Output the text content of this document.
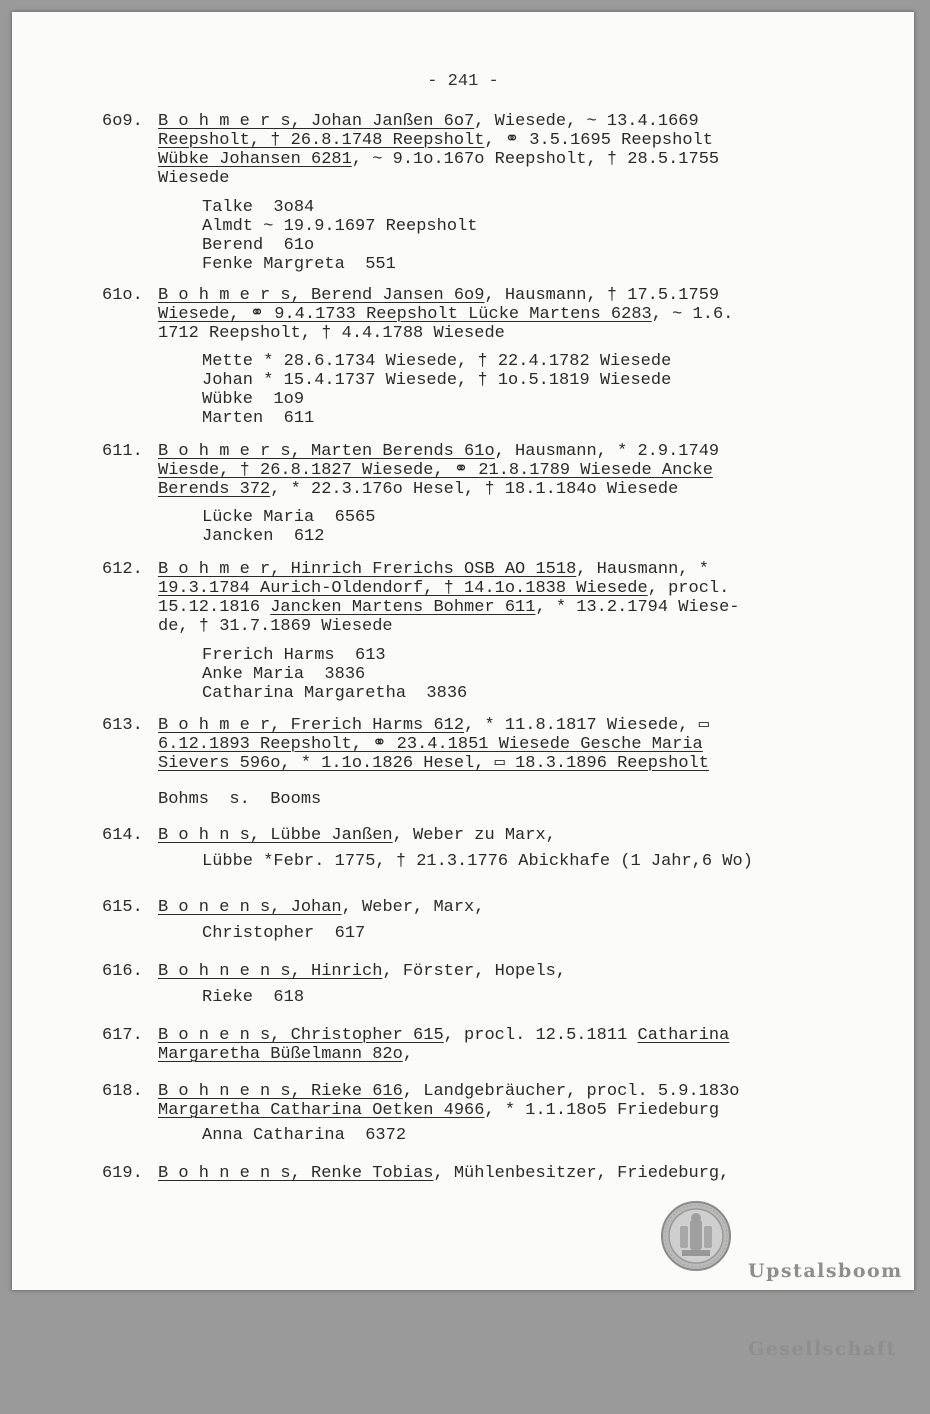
- 241 -
6o9. B o h m e r s, Johan Janßen 6o7, Wiesede, ~ 13.4.1669
Reepsholt, † 26.8.1748 Reepsholt, ⚭ 3.5.1695 Reepsholt
Wübke Johansen 6281, ~ 9.1o.167o Reepsholt, † 28.5.1755
Wiesede
Talke  3o84
Almdt ~ 19.9.1697 Reepsholt
Berend  61o
Fenke Margreta  551
61o. B o h m e r s, Berend Jansen 6o9, Hausmann, † 17.5.1759
Wiesede, ⚭ 9.4.1733 Reepsholt Lücke Martens 6283, ~ 1.6.
1712 Reepsholt, † 4.4.1788 Wiesede
Mette * 28.6.1734 Wiesede, † 22.4.1782 Wiesede
Johan * 15.4.1737 Wiesede, † 1o.5.1819 Wiesede
Wübke  1o9
Marten  611
611. B o h m e r s, Marten Berends 61o, Hausmann, * 2.9.1749
Wiesde, † 26.8.1827 Wiesede, ⚭ 21.8.1789 Wiesede Ancke
Berends 372, * 22.3.176o Hesel, † 18.1.184o Wiesede
Lücke Maria  6565
Jancken  612
612. B o h m e r, Hinrich Frerichs OSB AO 1518, Hausmann, *
19.3.1784 Aurich-Oldendorf, † 14.1o.1838 Wiesede, procl.
15.12.1816 Jancken Martens Bohmer 611, * 13.2.1794 Wiese-
de, † 31.7.1869 Wiesede
Frerich Harms  613
Anke Maria  3836
Catharina Margaretha  3836
613. B o h m e r, Frerich Harms 612, * 11.8.1817 Wiesede, ▭
6.12.1893 Reepsholt, ⚭ 23.4.1851 Wiesede Gesche Maria
Sievers 596o, * 1.1o.1826 Hesel, ▭ 18.3.1896 Reepsholt
614. B o h n s, Lübbe Janßen, Weber zu Marx,
Lübbe *Febr. 1775, † 21.3.1776 Abickhafe (1 Jahr,6 Wo)
615. B o n e n s, Johan, Weber, Marx,
Christopher  617
616. B o h n e n s, Hinrich, Förster, Hopels,
Rieke  618
617. B o n e n s, Christopher 615, procl. 12.5.1811 Catharina
Margaretha Büßelmann 82o,
618. B o h n e n s, Rieke 616, Landgebräucher, procl. 5.9.183o
Margaretha Catharina Oetken 4966, * 1.1.18o5 Friedeburg
Anna Catharina  6372
619. B o h n e n s, Renke Tobias, Mühlenbesitzer, Friedeburg,
Bohms  s.  Booms

Upstalsboom

Gesellschaft
